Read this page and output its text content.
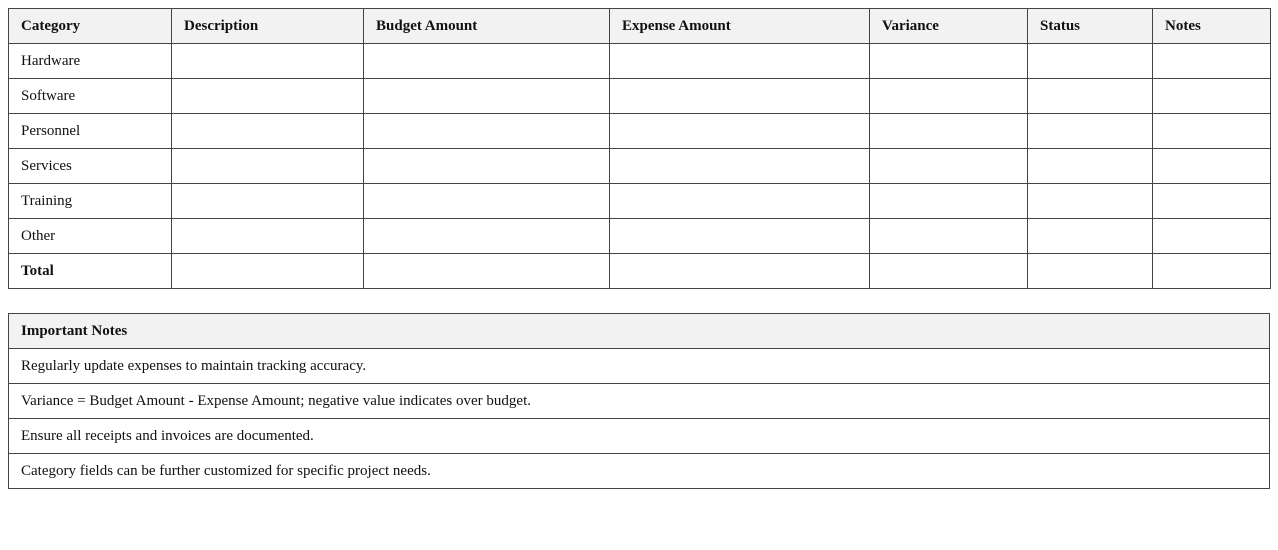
Category	Description	Budget Amount	Expense Amount	Variance	Status	Notes
Hardware						
Software						
Personnel						
Services						
Training						
Other						
Total						
Important Notes
Regularly update expenses to maintain tracking accuracy.
Variance = Budget Amount - Expense Amount; negative value indicates over budget.
Ensure all receipts and invoices are documented.
Category fields can be further customized for specific project needs.
